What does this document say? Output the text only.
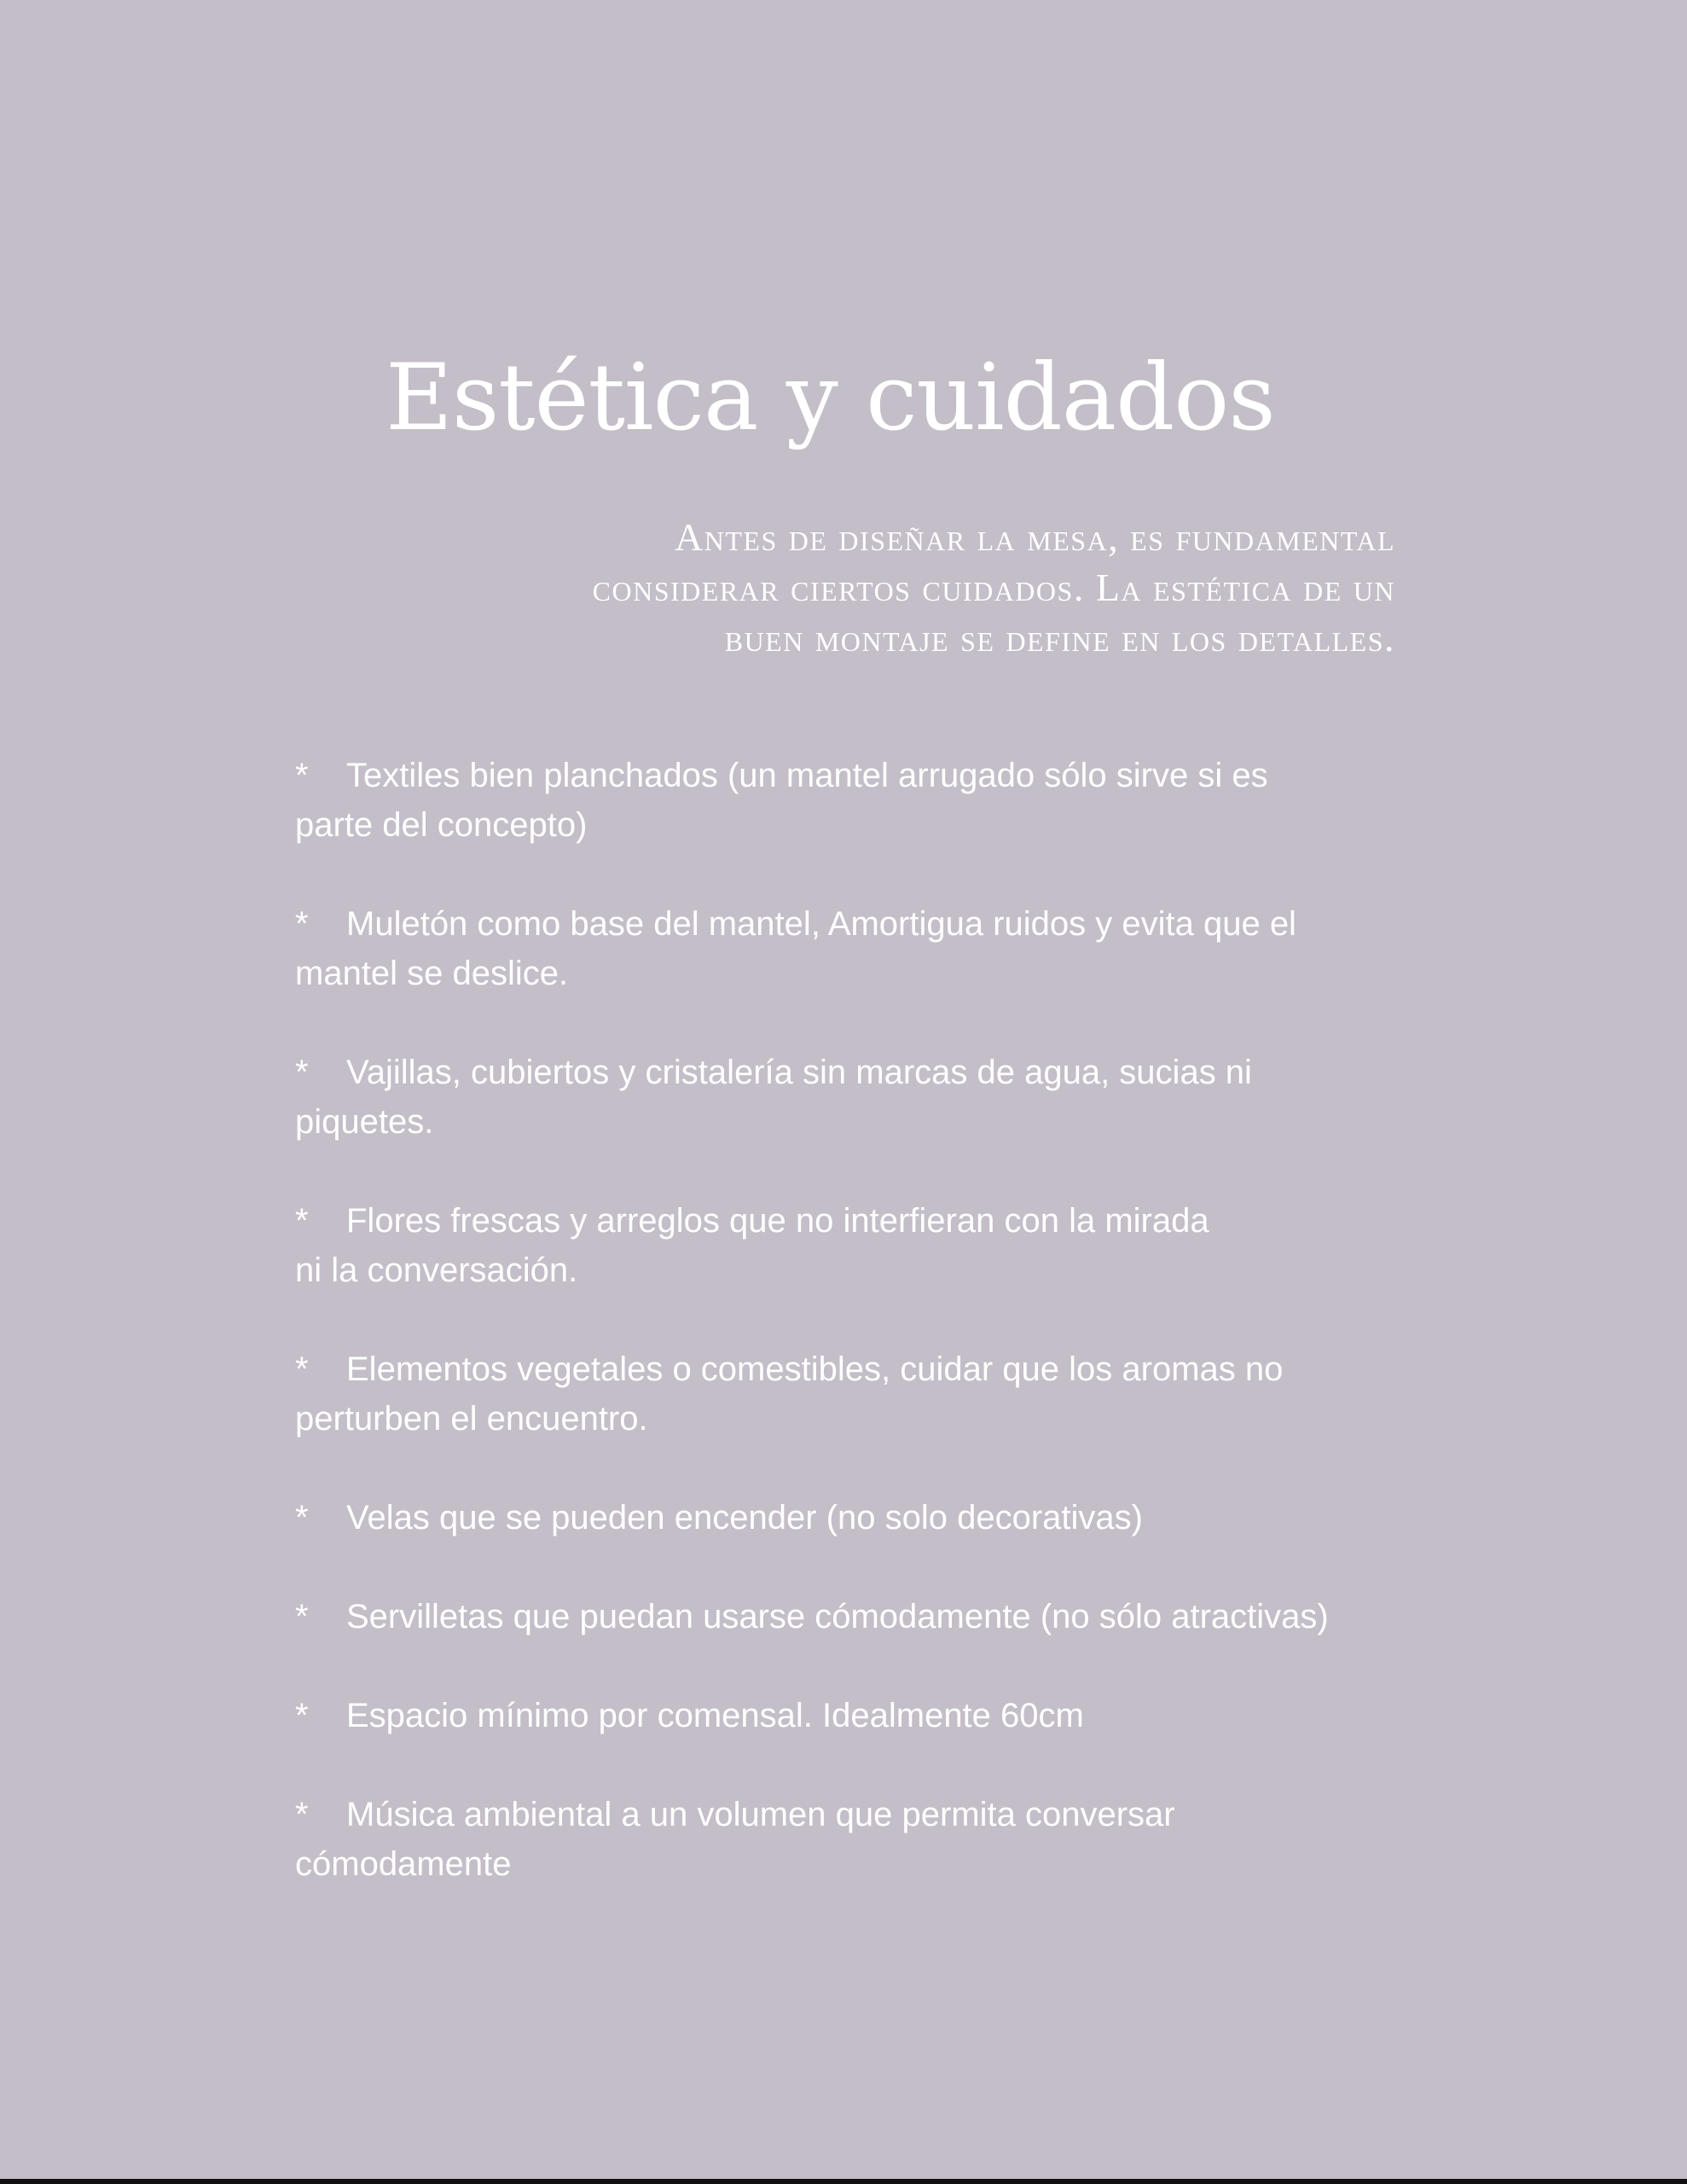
Estética y cuidados

Antes de diseñar la mesa, es fundamental
considerar ciertos cuidados. La estética de un
buen montaje se define en los detalles.

* Textiles bien planchados (un mantel arrugado sólo sirve si es
parte del concepto)
* Muletón como base del mantel, Amortigua ruidos y evita que el
mantel se deslice.
* Vajillas, cubiertos y cristalería sin marcas de agua, sucias ni
piquetes.
* Flores frescas y arreglos que no interfieran con la mirada
ni la conversación.
* Elementos vegetales o comestibles, cuidar que los aromas no
perturben el encuentro.
* Velas que se pueden encender (no solo decorativas)
* Servilletas que puedan usarse cómodamente (no sólo atractivas)
* Espacio mínimo por comensal. Idealmente 60cm
* Música ambiental a un volumen que permita conversar
cómodamente
